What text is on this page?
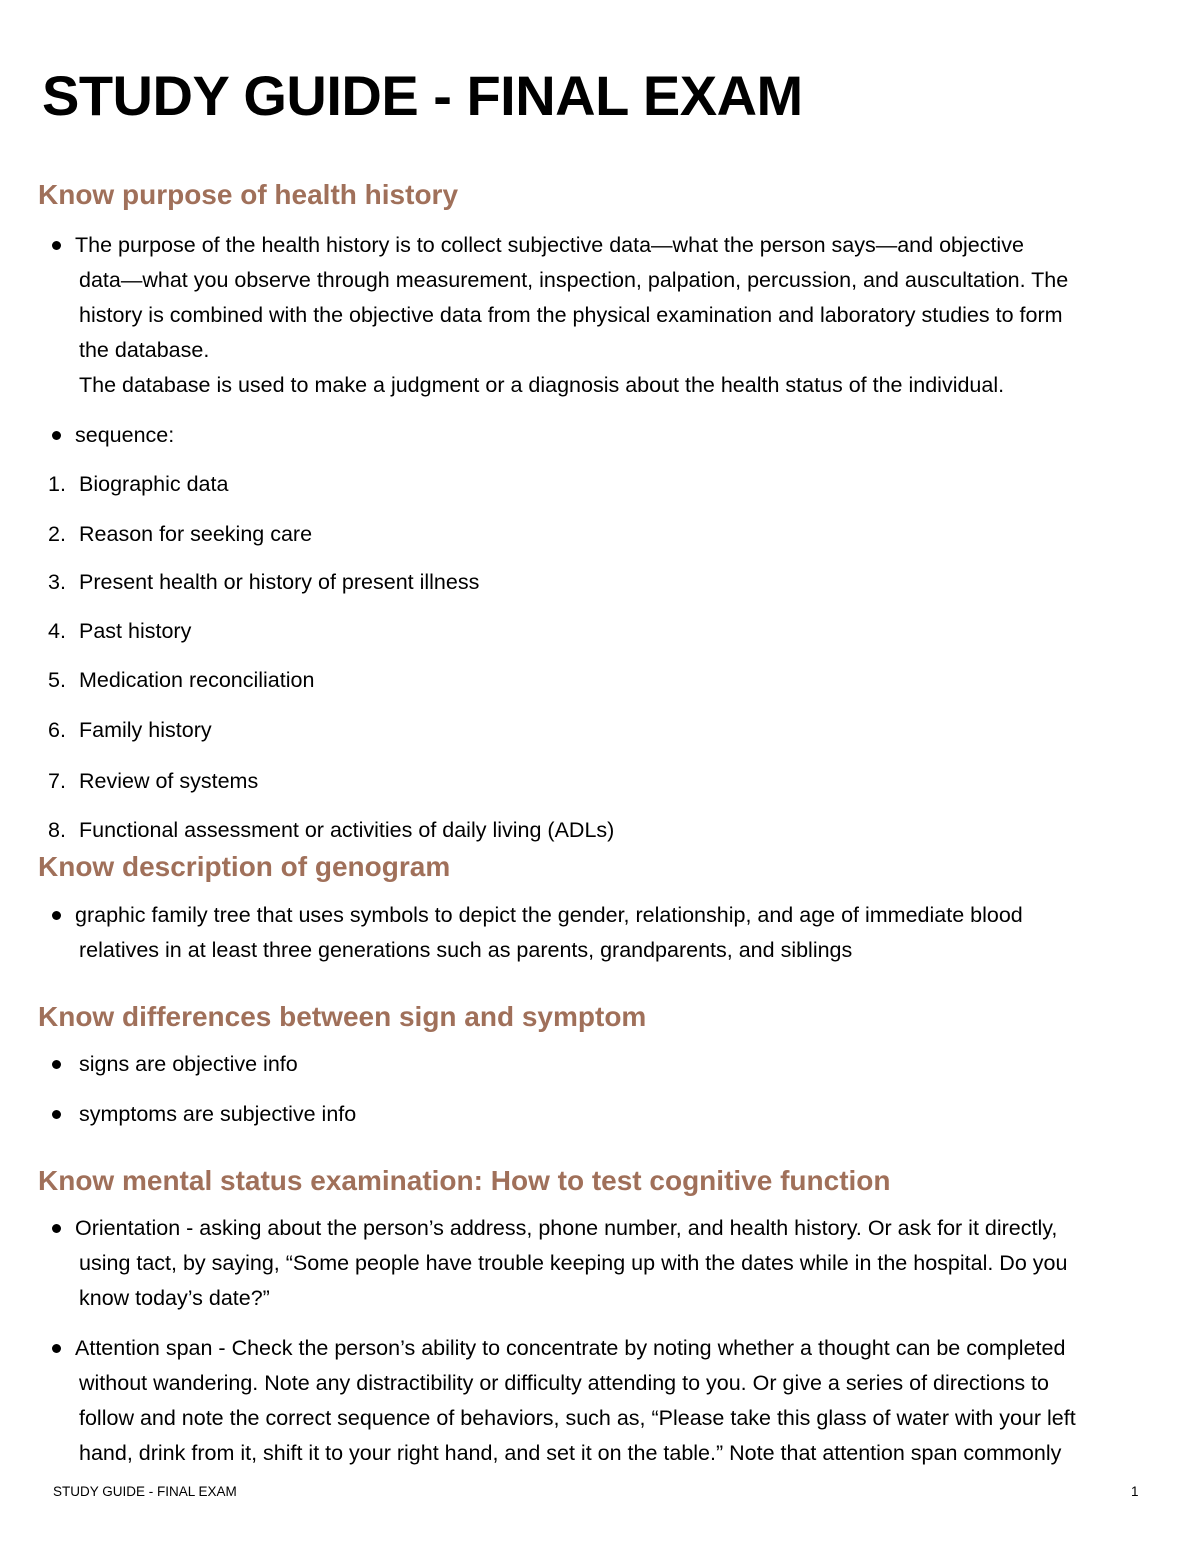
STUDY GUIDE - FINAL EXAM
Know purpose of health history
The purpose of the health history is to collect subjective data—what the person says—and objective
data—what you observe through measurement, inspection, palpation, percussion, and auscultation. The
history is combined with the objective data from the physical examination and laboratory studies to form
the database.
The database is used to make a judgment or a diagnosis about the health status of the individual.
sequence:
1. Biographic data
2. Reason for seeking care
3. Present health or history of present illness
4. Past history
5. Medication reconciliation
6. Family history
7. Review of systems
8. Functional assessment or activities of daily living (ADLs)
Know description of genogram
graphic family tree that uses symbols to depict the gender, relationship, and age of immediate blood
relatives in at least three generations such as parents, grandparents, and siblings
Know differences between sign and symptom
signs are objective info
symptoms are subjective info
Know mental status examination: How to test cognitive function
Orientation - asking about the person’s address, phone number, and health history. Or ask for it directly,
using tact, by saying, “Some people have trouble keeping up with the dates while in the hospital. Do you
know today’s date?”
Attention span - Check the person’s ability to concentrate by noting whether a thought can be completed
without wandering. Note any distractibility or difficulty attending to you. Or give a series of directions to
follow and note the correct sequence of behaviors, such as, “Please take this glass of water with your left
hand, drink from it, shift it to your right hand, and set it on the table.” Note that attention span commonly
STUDY GUIDE - FINAL EXAM	1
